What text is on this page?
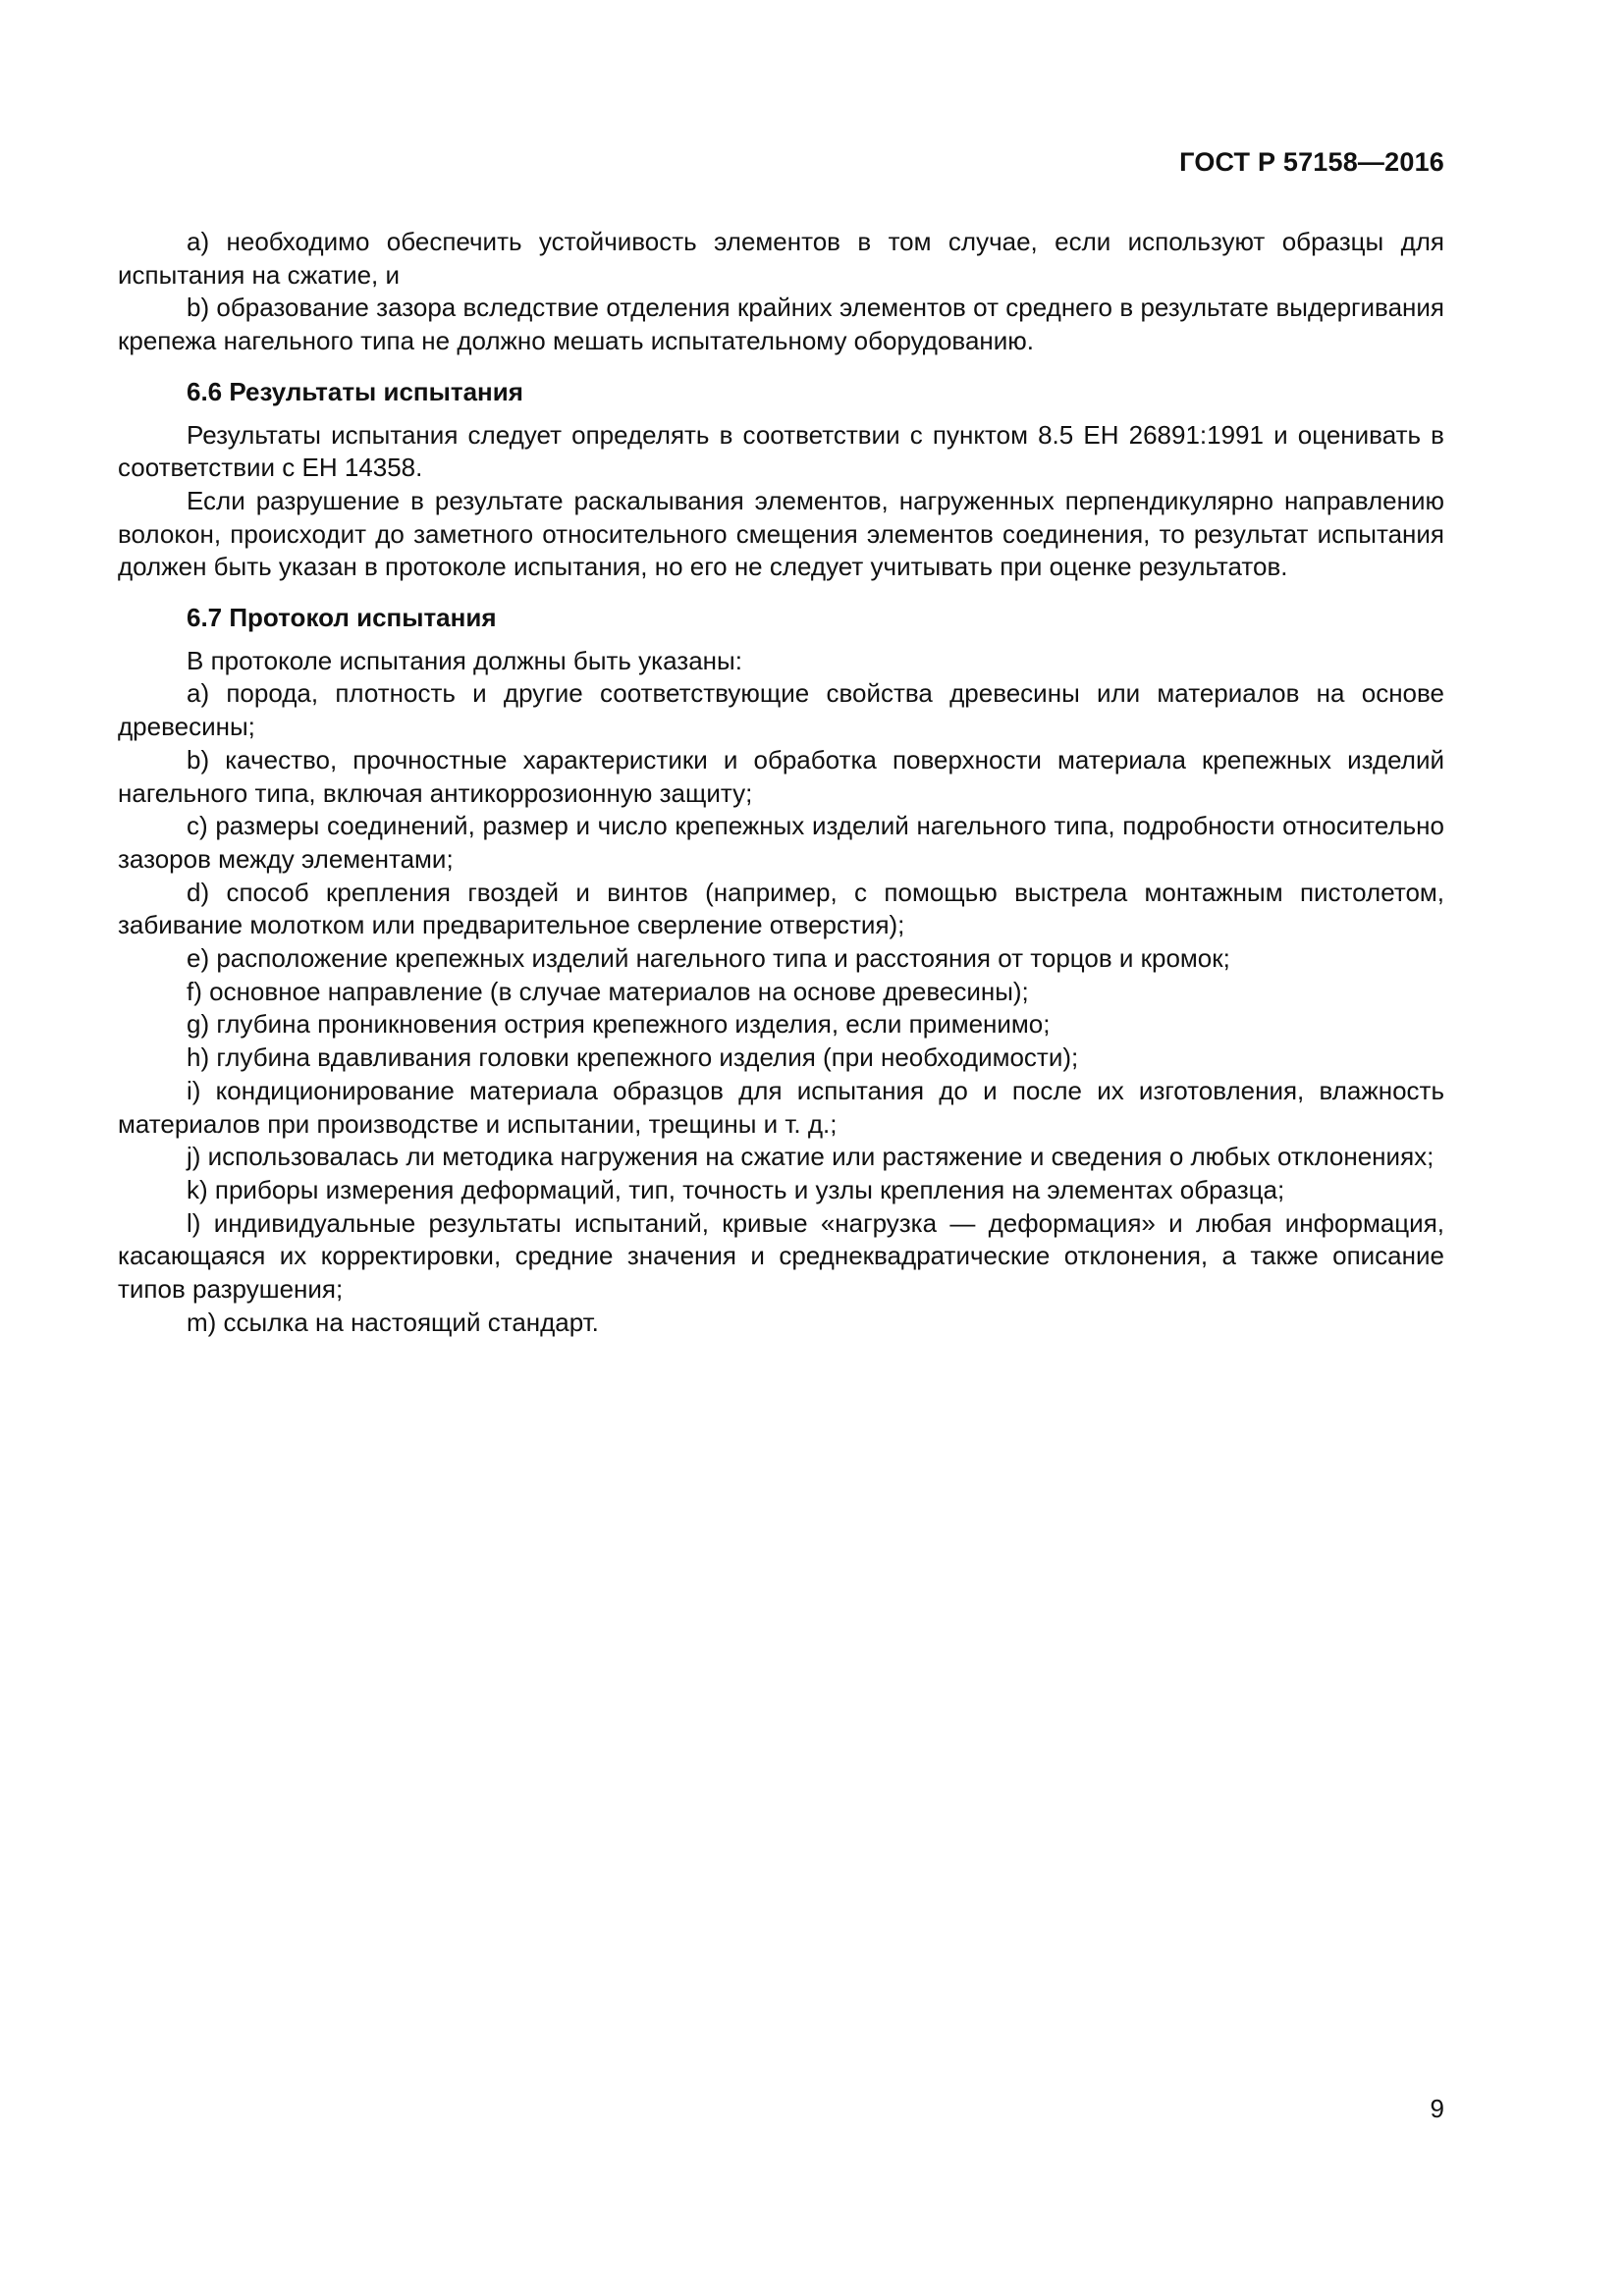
ГОСТ Р 57158—2016

а) необходимо обеспечить устойчивость элементов в том случае, если используют образцы для испытания на сжатие, и

b) образование зазора вследствие отделения крайних элементов от среднего в результате выдергивания крепежа нагельного типа не должно мешать испытательному оборудованию.

6.6 Результаты испытания

Результаты испытания следует определять в соответствии с пунктом 8.5 ЕН 26891:1991 и оценивать в соответствии с ЕН 14358.

Если разрушение в результате раскалывания элементов, нагруженных перпендикулярно направлению волокон, происходит до заметного относительного смещения элементов соединения, то результат испытания должен быть указан в протоколе испытания, но его не следует учитывать при оценке результатов.

6.7 Протокол испытания

В протоколе испытания должны быть указаны:

а) порода, плотность и другие соответствующие свойства древесины или материалов на основе древесины;

b) качество, прочностные характеристики и обработка поверхности материала крепежных изделий нагельного типа, включая антикоррозионную защиту;

c) размеры соединений, размер и число крепежных изделий нагельного типа, подробности относительно зазоров между элементами;

d) способ крепления гвоздей и винтов (например, с помощью выстрела монтажным пистолетом, забивание молотком или предварительное сверление отверстия);

e) расположение крепежных изделий нагельного типа и расстояния от торцов и кромок;

f) основное направление (в случае материалов на основе древесины);

g) глубина проникновения острия крепежного изделия, если применимо;

h) глубина вдавливания головки крепежного изделия (при необходимости);

i) кондиционирование материала образцов для испытания до и после их изготовления, влажность материалов при производстве и испытании, трещины и т. д.;

j) использовалась ли методика нагружения на сжатие или растяжение и сведения о любых отклонениях;

k) приборы измерения деформаций, тип, точность и узлы крепления на элементах образца;

l) индивидуальные результаты испытаний, кривые «нагрузка — деформация» и любая информация, касающаяся их корректировки, средние значения и среднеквадратические отклонения, а также описание типов разрушения;

m) ссылка на настоящий стандарт.

9
